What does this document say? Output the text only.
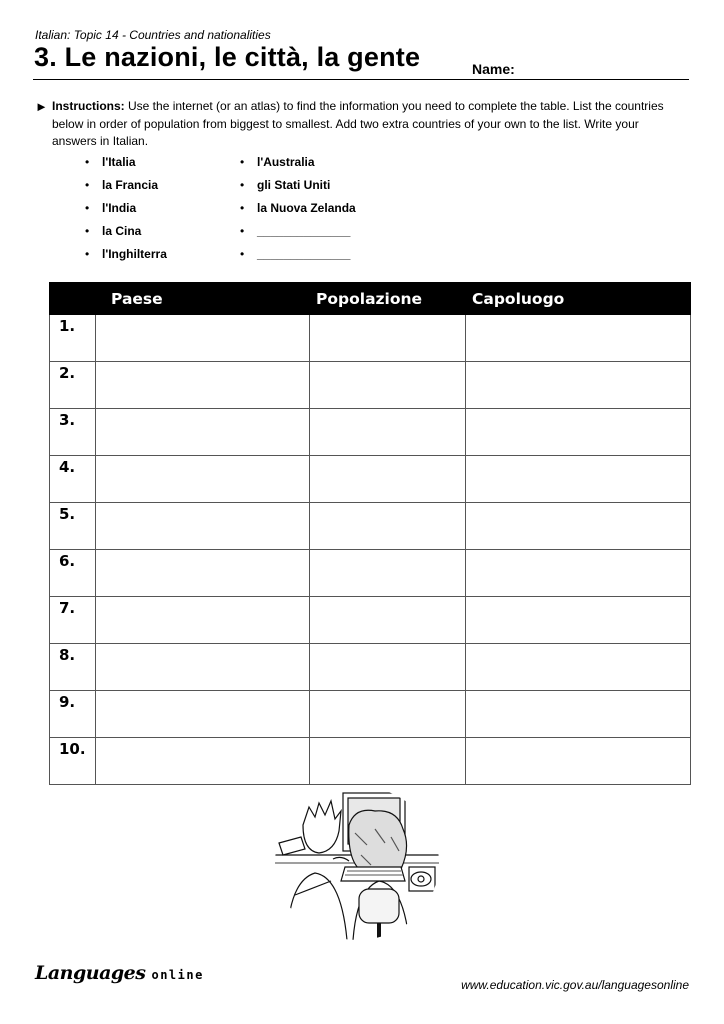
Italian: Topic 14 - Countries and nationalities
3. Le nazioni, le città, la gente	Name:
► Instructions: Use the internet (or an atlas) to find the information you need to complete the table. List the countries below in order of population from biggest to smallest. Add two extra countries of your own to the list. Write your answers in Italian.
• l'Italia
• la Francia
• l'India
• la Cina
• l'Inghilterra
• l'Australia
• gli Stati Uniti
• la Nuova Zelanda
• ______________
• ______________
	Paese	Popolazione	Capoluogo
1.			
2.			
3.			
4.			
5.			
6.			
7.			
8.			
9.			
10.			
Languages online
www.education.vic.gov.au/languagesonline
